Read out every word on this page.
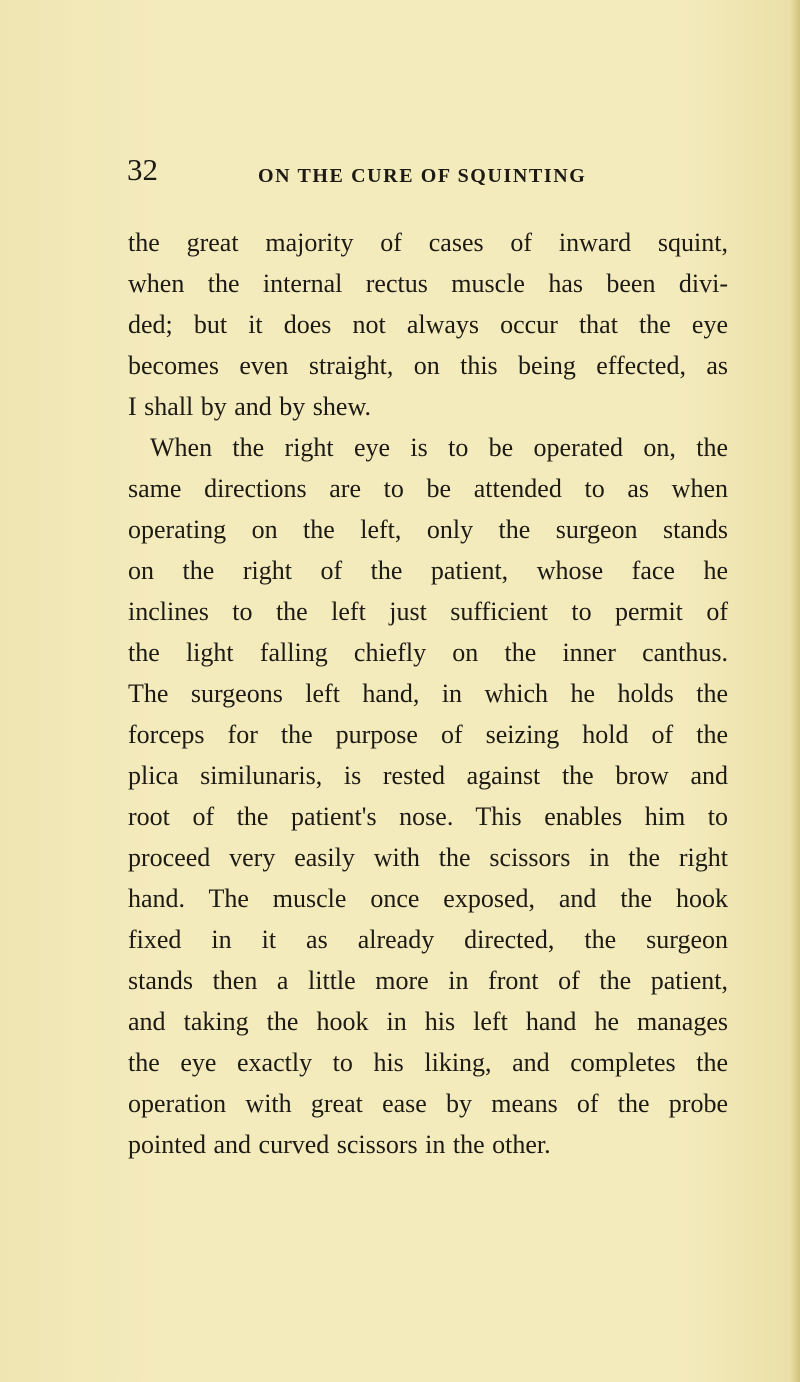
32	ON THE CURE OF SQUINTING
the great majority of cases of inward squint,
when the internal rectus muscle has been divi-
ded; but it does not always occur that the eye
becomes even straight, on this being effected, as
I shall by and by shew.
When the right eye is to be operated on, the
same directions are to be attended to as when
operating on the left, only the surgeon stands
on the right of the patient, whose face he
inclines to the left just sufficient to permit of
the light falling chiefly on the inner canthus.
The surgeons left hand, in which he holds the
forceps for the purpose of seizing hold of the
plica similunaris, is rested against the brow and
root of the patient's nose. This enables him to
proceed very easily with the scissors in the right
hand. The muscle once exposed, and the hook
fixed in it as already directed, the surgeon
stands then a little more in front of the patient,
and taking the hook in his left hand he manages
the eye exactly to his liking, and completes the
operation with great ease by means of the probe
pointed and curved scissors in the other.
